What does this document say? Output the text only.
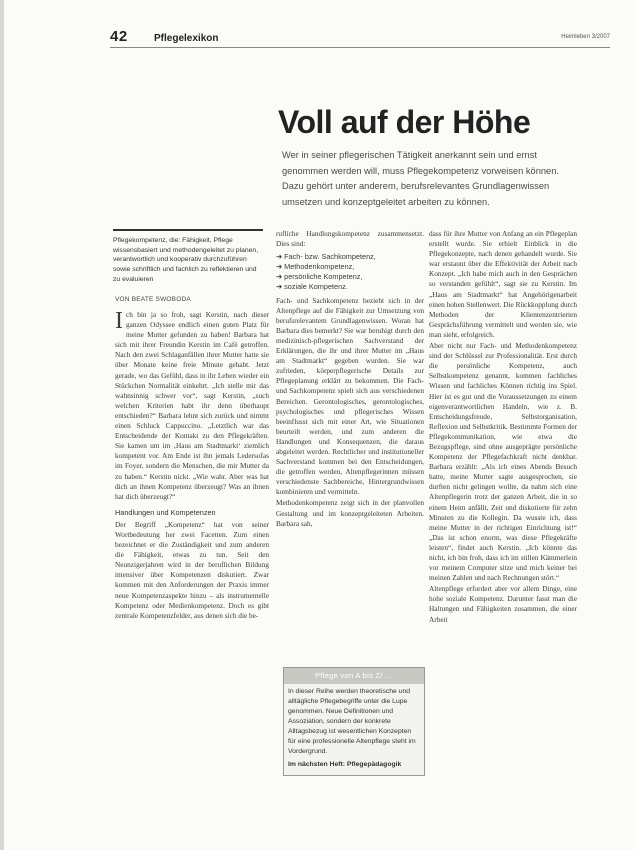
42	Pflegelexikon	Heimleben 3/2007
Voll auf der Höhe
Wer in seiner pflegerischen Tätigkeit anerkannt sein und ernst genommen werden will, muss Pflegekompetenz vorweisen können. Dazu gehört unter anderem, berufsrelevantes Grundlagenwissen umsetzen und konzeptgeleitet arbeiten zu können.
Pflegekompetenz, die: Fähigkeit, Pflege wissensbasiert und methodengeleitet zu planen, verantwortlich und kooperativ durchzuführen sowie schriftlich und fachlich zu reflektieren und zu evaluieren
VON BEATE SWOBODA

Ich bin ja so froh, sagt Kerstin, nach dieser ganzen Odyssee endlich einen guten Platz für meine Mutter gefunden zu haben! Barbara hat sich mit ihrer Freundin Kerstin im Café getroffen. Nach den zwei Schlaganfällen ihrer Mutter hatte sie über Monate keine freie Minute gehabt. Jetzt gerade, wo das Gefühl, dass in ihr Leben wieder ein Stückchen Normalität einkehrt. „Ich stelle mir das wahnsinnig schwer vor“, sagt Kerstin, „such welchen Kriterien habt ihr denn überhaupt entschieden?“ Barbara lehnt sich zurück und nimmt einen Schluck Cappuccino. „Letztlich war das Entscheidende der Kontakt zu den Pflegekräften. Sie kamen um im ‚Haus am Stadtmarkt‘ ziemlich kompetent vor. Am Ende ist ihn jemals Ledersofas im Foyer, sondern die Menschen, die mir Mutter da zu haben.“ Kerstin nickt. „Wie wahr. Aber was hat dich an ihnen Kompetenz überzeugt? Was an ihnen hat dich überzeugt?“

Handlungen und Kompetenzen

Der Begriff „Kompetenz“ hat von seiner Wortbedeutung her zwei Facetten. Zum einen bezeichnet er die Zuständigkeit und zum anderen die Fähigkeit, etwas zu tun. Seit den Neunzigerjahren wird in der beruflichen Bildung intensiver über Kompetenzen diskutiert. Zwar kommen mit den Anforderungen der Praxis immer neue Kompetenzaspekte hinzu – als instrumentelle Kompetenz oder Medienkompetenz. Doch es gibt zentrale Kompetenzfelder, aus denen sich die be-

rufliche Handlungskompetenz zusammensetzt. Dies sind:

➜ Fach- bzw. Sachkompetenz,
➜ Methodenkompetenz,
➜ persönliche Kompetenz,
➜ soziale Kompetenz.

Fach- und Sachkompetenz bezieht sich in der Altenpflege auf die Fähigkeit zur Umsetzung von berufsrelevantem Grundlagenwissen. Woran hat Barbara dies bemerkt? Sie war beruhigt durch den medizinisch-pflegerischen Sachverstand der Erklärungen, die ihr und ihrer Mutter im „Haus am Stadtmarkt“ gegeben wurden. Sie war zufrieden, körperpflegerische Details zur Pflegeplanung erklärt zu bekommen. Die Fach- und Sachkompetenz spielt sich aus verschiedenen Bereichen. Gerontologisches, gerontologisches, psychologisches und pflegerisches Wissen beeinflusst sich mit einer Art, wie Situationen beurteilt werden, und zum anderen die Handlungen und Konsequenzen, die daraus abgeleitet werden. Rechtlicher und institutioneller Sachverstand kommen bei den Entscheidungen, die getroffen werden, Altenpflegerinnen müssen verschiedenste Sachbereiche, Hintergrundwissen kombinieren und vermitteln.

Methodenkompetenz zeigt sich in der planvollen Gestaltung und im konzeptgeleiteten Arbeiten. Barbara sah,

Pflege von A bis Z/ …
In dieser Reihe werden theoretische und alltägliche Pflegebegriffe unter die Lupe genommen. Neue Definitionen und Assoziation, sondern der konkrete Alltagsbezug ist wesentlichen Konzepten für eine professionelle Altenpflege steht im Vordergrund.
Im nächsten Heft: Pflegepädagogik

dass für ihre Mutter von Anfang an ein Pflegeplan erstellt wurde. Sie erhielt Einblick in die Pflegekonzepte, nach denen gehandelt wurde. Sie war erstaunt über die Effektivität der Arbeit nach Konzept. „Ich habe mich auch in den Gesprächen so verstanden gefühlt“, sagt sie zu Kerstin. Im „Haus am Stadtmarkt“ hat Angehörigenarbeit einen hohen Stellenwert. Die Rückkopplung durch Methoden der Klientenzentrierten Gesprächsführung vermittelt und werden sie, wie man sieht, erfolgreich.

Aber nicht nur Fach- und Methodenkompetenz sind der Schlüssel zur Professionalität. Erst durch die persönliche Kompetenz, auch Selbstkompetenz genannt, kommen fachliches Wissen und fachliches Können richtig ins Spiel. Hier ist es gut und die Voraussetzungen zu einem eigenverantwortlichen Handeln, wie z. B. Entscheidungsfreude, Selbstorganisation, Reflexion und Selbstkritik. Bestimmte Formen der Pflegekommunikation, wie etwa die Bezugspflege, sind ohne ausgeprägte persönliche Kompetenz der Pflegefachkraft nicht denkbar. Barbara erzählt: „Als ich eines Abends Besuch hatte, meine Mutter sagte ausgesprochen, sie durften nicht gelingen wollte, da nahm sich eine Altenpflegerin trotz der ganzen Arbeit, die in so einem Heim anfällt, Zeit und diskutierte für zehn Minuten zu die Kollegin. Da wusste ich, dass meine Mutter in der richtigen Einrichtung ist!“ „Das ist schon enorm, was diese Pflegekräfte leisten“, findet auch Kerstin. „Ich könnte das nicht, ich bin froh, dass ich im stillen Kämmerlein vor meinem Computer sitze und mich keiner bei meinen Zahlen und nach Rechnungen stört.“

Altenpflege erfordert aber vor allem Dinge, eine hohe soziale Kompetenz. Darunter fasst man die Haltungen und Fähigkeiten zusammen, die einer Arbeit
